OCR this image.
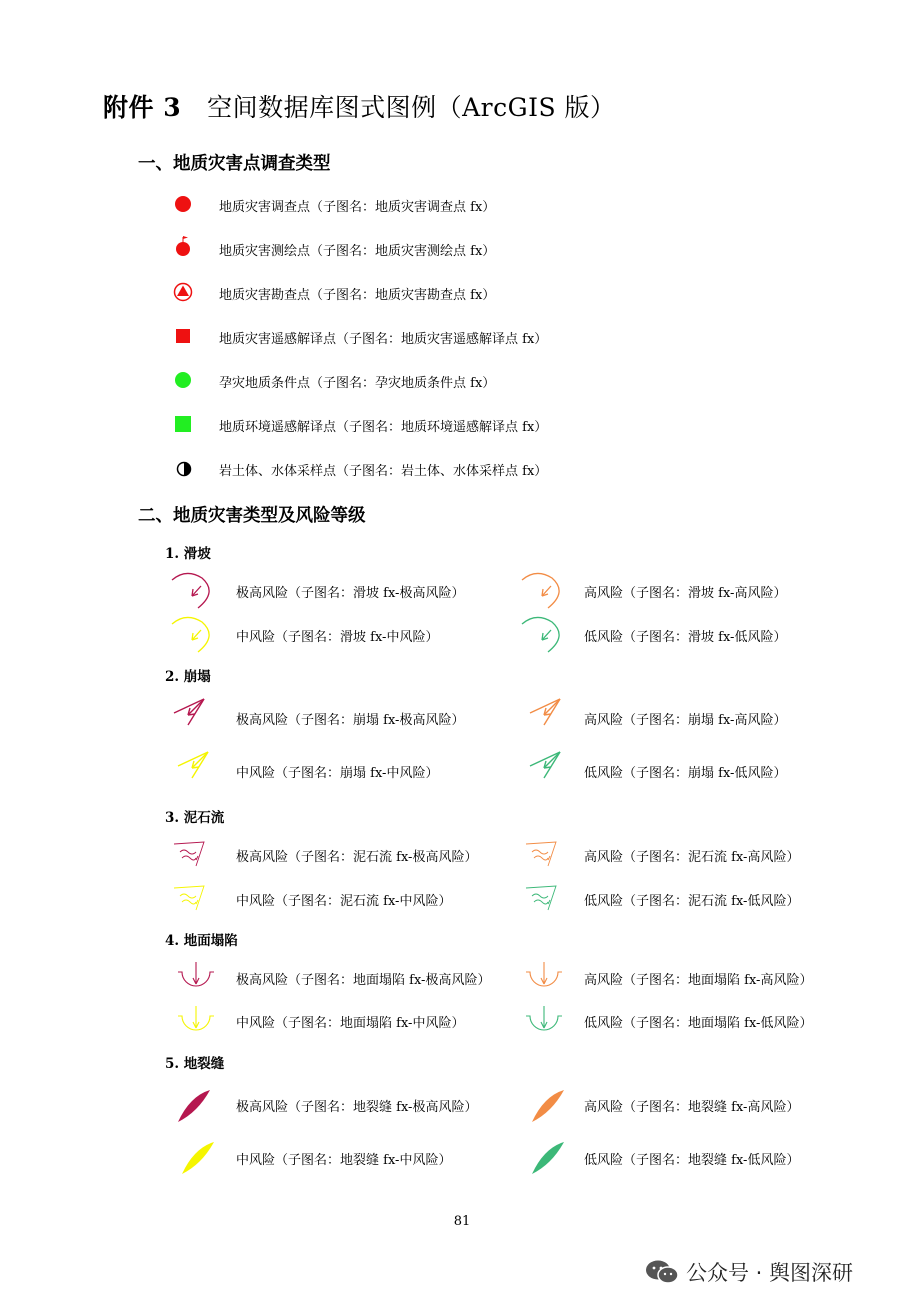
附件 3 空间数据库图式图例（ArcGIS 版）
一、地质灾害点调查类型
地质灾害调查点（子图名：地质灾害调查点 fx）
地质灾害测绘点（子图名：地质灾害测绘点 fx）
地质灾害勘查点（子图名：地质灾害勘查点 fx）
地质灾害遥感解译点（子图名：地质灾害遥感解译点 fx）
孕灾地质条件点（子图名：孕灾地质条件点 fx）
地质环境遥感解译点（子图名：地质环境遥感解译点 fx）
岩土体、水体采样点（子图名：岩土体、水体采样点 fx）
二、地质灾害类型及风险等级
1. 滑坡
极高风险（子图名：滑坡 fx-极高风险）	高风险（子图名：滑坡 fx-高风险）
中风险（子图名：滑坡 fx-中风险）	低风险（子图名：滑坡 fx-低风险）
2. 崩塌
极高风险（子图名：崩塌 fx-极高风险）	高风险（子图名：崩塌 fx-高风险）
中风险（子图名：崩塌 fx-中风险）	低风险（子图名：崩塌 fx-低风险）
3. 泥石流
极高风险（子图名：泥石流 fx-极高风险）	高风险（子图名：泥石流 fx-高风险）
中风险（子图名：泥石流 fx-中风险）	低风险（子图名：泥石流 fx-低风险）
4. 地面塌陷
极高风险（子图名：地面塌陷 fx-极高风险）	高风险（子图名：地面塌陷 fx-高风险）
中风险（子图名：地面塌陷 fx-中风险）	低风险（子图名：地面塌陷 fx-低风险）
5. 地裂缝
极高风险（子图名：地裂缝 fx-极高风险）	高风险（子图名：地裂缝 fx-高风险）
中风险（子图名：地裂缝 fx-中风险）	低风险（子图名：地裂缝 fx-低风险）
81
公众号 · 舆图深研
